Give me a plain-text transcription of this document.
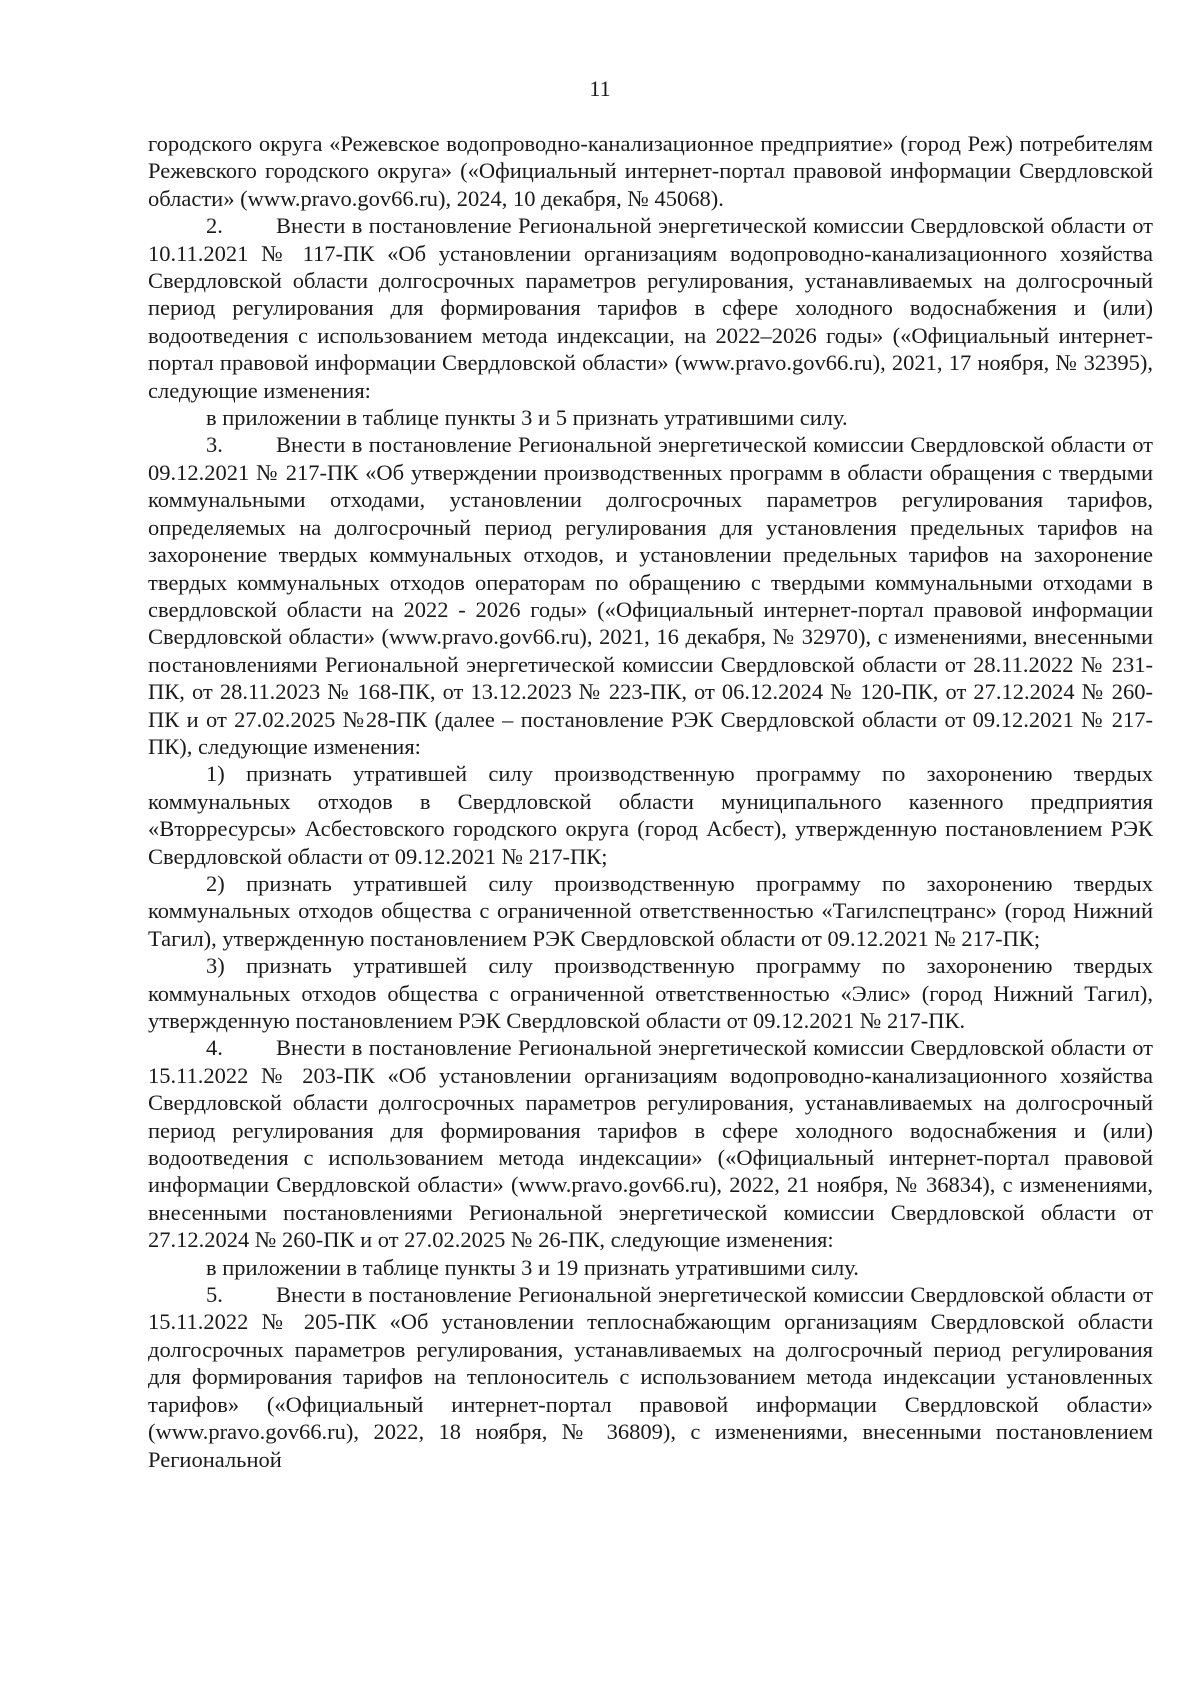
11

городского округа «Режевское водопроводно-канализационное предприятие» (город Реж) потребителям Режевского городского округа» («Официальный интернет-портал правовой информации Свердловской области» (www.pravo.gov66.ru), 2024, 10 декабря, № 45068).

2. Внести в постановление Региональной энергетической комиссии Свердловской области от 10.11.2021 № 117-ПК «Об установлении организациям водопроводно-канализационного хозяйства Свердловской области долгосрочных параметров регулирования, устанавливаемых на долгосрочный период регулирования для формирования тарифов в сфере холодного водоснабжения и (или) водоотведения с использованием метода индексации, на 2022–2026 годы» («Официальный интернет-портал правовой информации Свердловской области» (www.pravo.gov66.ru), 2021, 17 ноября, № 32395), следующие изменения:

в приложении в таблице пункты 3 и 5 признать утратившими силу.

3. Внести в постановление Региональной энергетической комиссии Свердловской области от 09.12.2021 № 217-ПК «Об утверждении производственных программ в области обращения с твердыми коммунальными отходами, установлении долгосрочных параметров регулирования тарифов, определяемых на долгосрочный период регулирования для установления предельных тарифов на захоронение твердых коммунальных отходов, и установлении предельных тарифов на захоронение твердых коммунальных отходов операторам по обращению с твердыми коммунальными отходами в свердловской области на 2022 - 2026 годы» («Официальный интернет-портал правовой информации Свердловской области» (www.pravo.gov66.ru), 2021, 16 декабря, № 32970), с изменениями, внесенными постановлениями Региональной энергетической комиссии Свердловской области от 28.11.2022 № 231-ПК, от 28.11.2023 № 168-ПК, от 13.12.2023 № 223-ПК, от 06.12.2024 № 120-ПК, от 27.12.2024 № 260-ПК и от 27.02.2025 №28-ПК (далее – постановление РЭК Свердловской области от 09.12.2021 № 217-ПК), следующие изменения:

1) признать утратившей силу производственную программу по захоронению твердых коммунальных отходов в Свердловской области муниципального казенного предприятия «Вторресурсы» Асбестовского городского округа (город Асбест), утвержденную постановлением РЭК Свердловской области от 09.12.2021 № 217-ПК;

2) признать утратившей силу производственную программу по захоронению твердых коммунальных отходов общества с ограниченной ответственностью «Тагилспецтранс» (город Нижний Тагил), утвержденную постановлением РЭК Свердловской области от 09.12.2021 № 217-ПК;

3) признать утратившей силу производственную программу по захоронению твердых коммунальных отходов общества с ограниченной ответственностью «Элис» (город Нижний Тагил), утвержденную постановлением РЭК Свердловской области от 09.12.2021 № 217-ПК.

4. Внести в постановление Региональной энергетической комиссии Свердловской области от 15.11.2022 № 203-ПК «Об установлении организациям водопроводно-канализационного хозяйства Свердловской области долгосрочных параметров регулирования, устанавливаемых на долгосрочный период регулирования для формирования тарифов в сфере холодного водоснабжения и (или) водоотведения с использованием метода индексации» («Официальный интернет-портал правовой информации Свердловской области» (www.pravo.gov66.ru), 2022, 21 ноября, № 36834), с изменениями, внесенными постановлениями Региональной энергетической комиссии Свердловской области от 27.12.2024 № 260-ПК и от 27.02.2025 № 26-ПК, следующие изменения:

в приложении в таблице пункты 3 и 19 признать утратившими силу.

5. Внести в постановление Региональной энергетической комиссии Свердловской области от 15.11.2022 № 205-ПК «Об установлении теплоснабжающим организациям Свердловской области долгосрочных параметров регулирования, устанавливаемых на долгосрочный период регулирования для формирования тарифов на теплоноситель с использованием метода индексации установленных тарифов» («Официальный интернет-портал правовой информации Свердловской области» (www.pravo.gov66.ru), 2022, 18 ноября, № 36809), с изменениями, внесенными постановлением Региональной
